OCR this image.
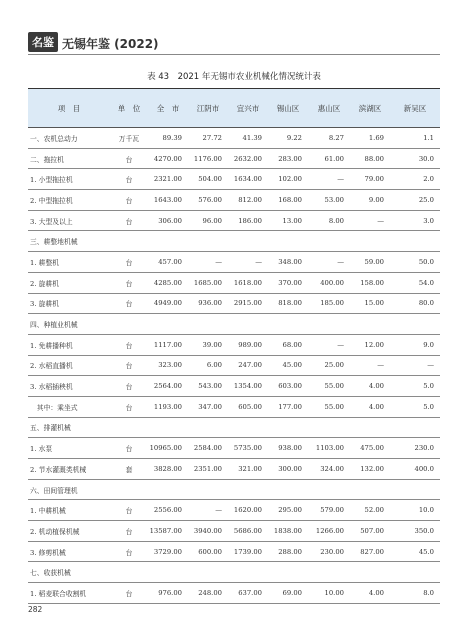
名鉴 无锡年鉴 (2022)
表 43　2021 年无锡市农业机械化情况统计表
项　目	单　位	全　市	江阴市	宜兴市	锡山区	惠山区	滨湖区	新吴区
一、农机总动力	万千瓦	89.39	27.72	41.39	9.22	8.27	1.69	1.1
二、拖拉机	台	4270.00	1176.00	2632.00	283.00	61.00	88.00	30.0
1. 小型拖拉机	台	2321.00	504.00	1634.00	102.00	—	79.00	2.0
2. 中型拖拉机	台	1643.00	576.00	812.00	168.00	53.00	9.00	25.0
3. 大型及以上	台	306.00	96.00	186.00	13.00	8.00	—	3.0
三、耕整地机械								
1. 耕整机	台	457.00	—	—	348.00	—	59.00	50.0
2. 旋耕机	台	4285.00	1685.00	1618.00	370.00	400.00	158.00	54.0
3. 旋耕机	台	4949.00	936.00	2915.00	818.00	185.00	15.00	80.0
四、种植业机械								
1. 免耕播种机	台	1117.00	39.00	989.00	68.00	—	12.00	9.0
2. 水稻直播机	台	323.00	6.00	247.00	45.00	25.00	—	—
3. 水稻插秧机	台	2564.00	543.00	1354.00	603.00	55.00	4.00	5.0
　其中：乘坐式	台	1193.00	347.00	605.00	177.00	55.00	4.00	5.0
五、排灌机械								
1. 水泵	台	10965.00	2584.00	5735.00	938.00	1103.00	475.00	230.0
2. 节水灌溉类机械	套	3828.00	2351.00	321.00	300.00	324.00	132.00	400.0
六、田间管理机								
1. 中耕机械	台	2556.00	—	1620.00	295.00	579.00	52.00	10.0
2. 机动植保机械	台	13587.00	3940.00	5686.00	1838.00	1266.00	507.00	350.0
3. 修剪机械	台	3729.00	600.00	1739.00	288.00	230.00	827.00	45.0
七、收获机械								
1. 稻麦联合收割机	台	976.00	248.00	637.00	69.00	10.00	4.00	8.0
282
